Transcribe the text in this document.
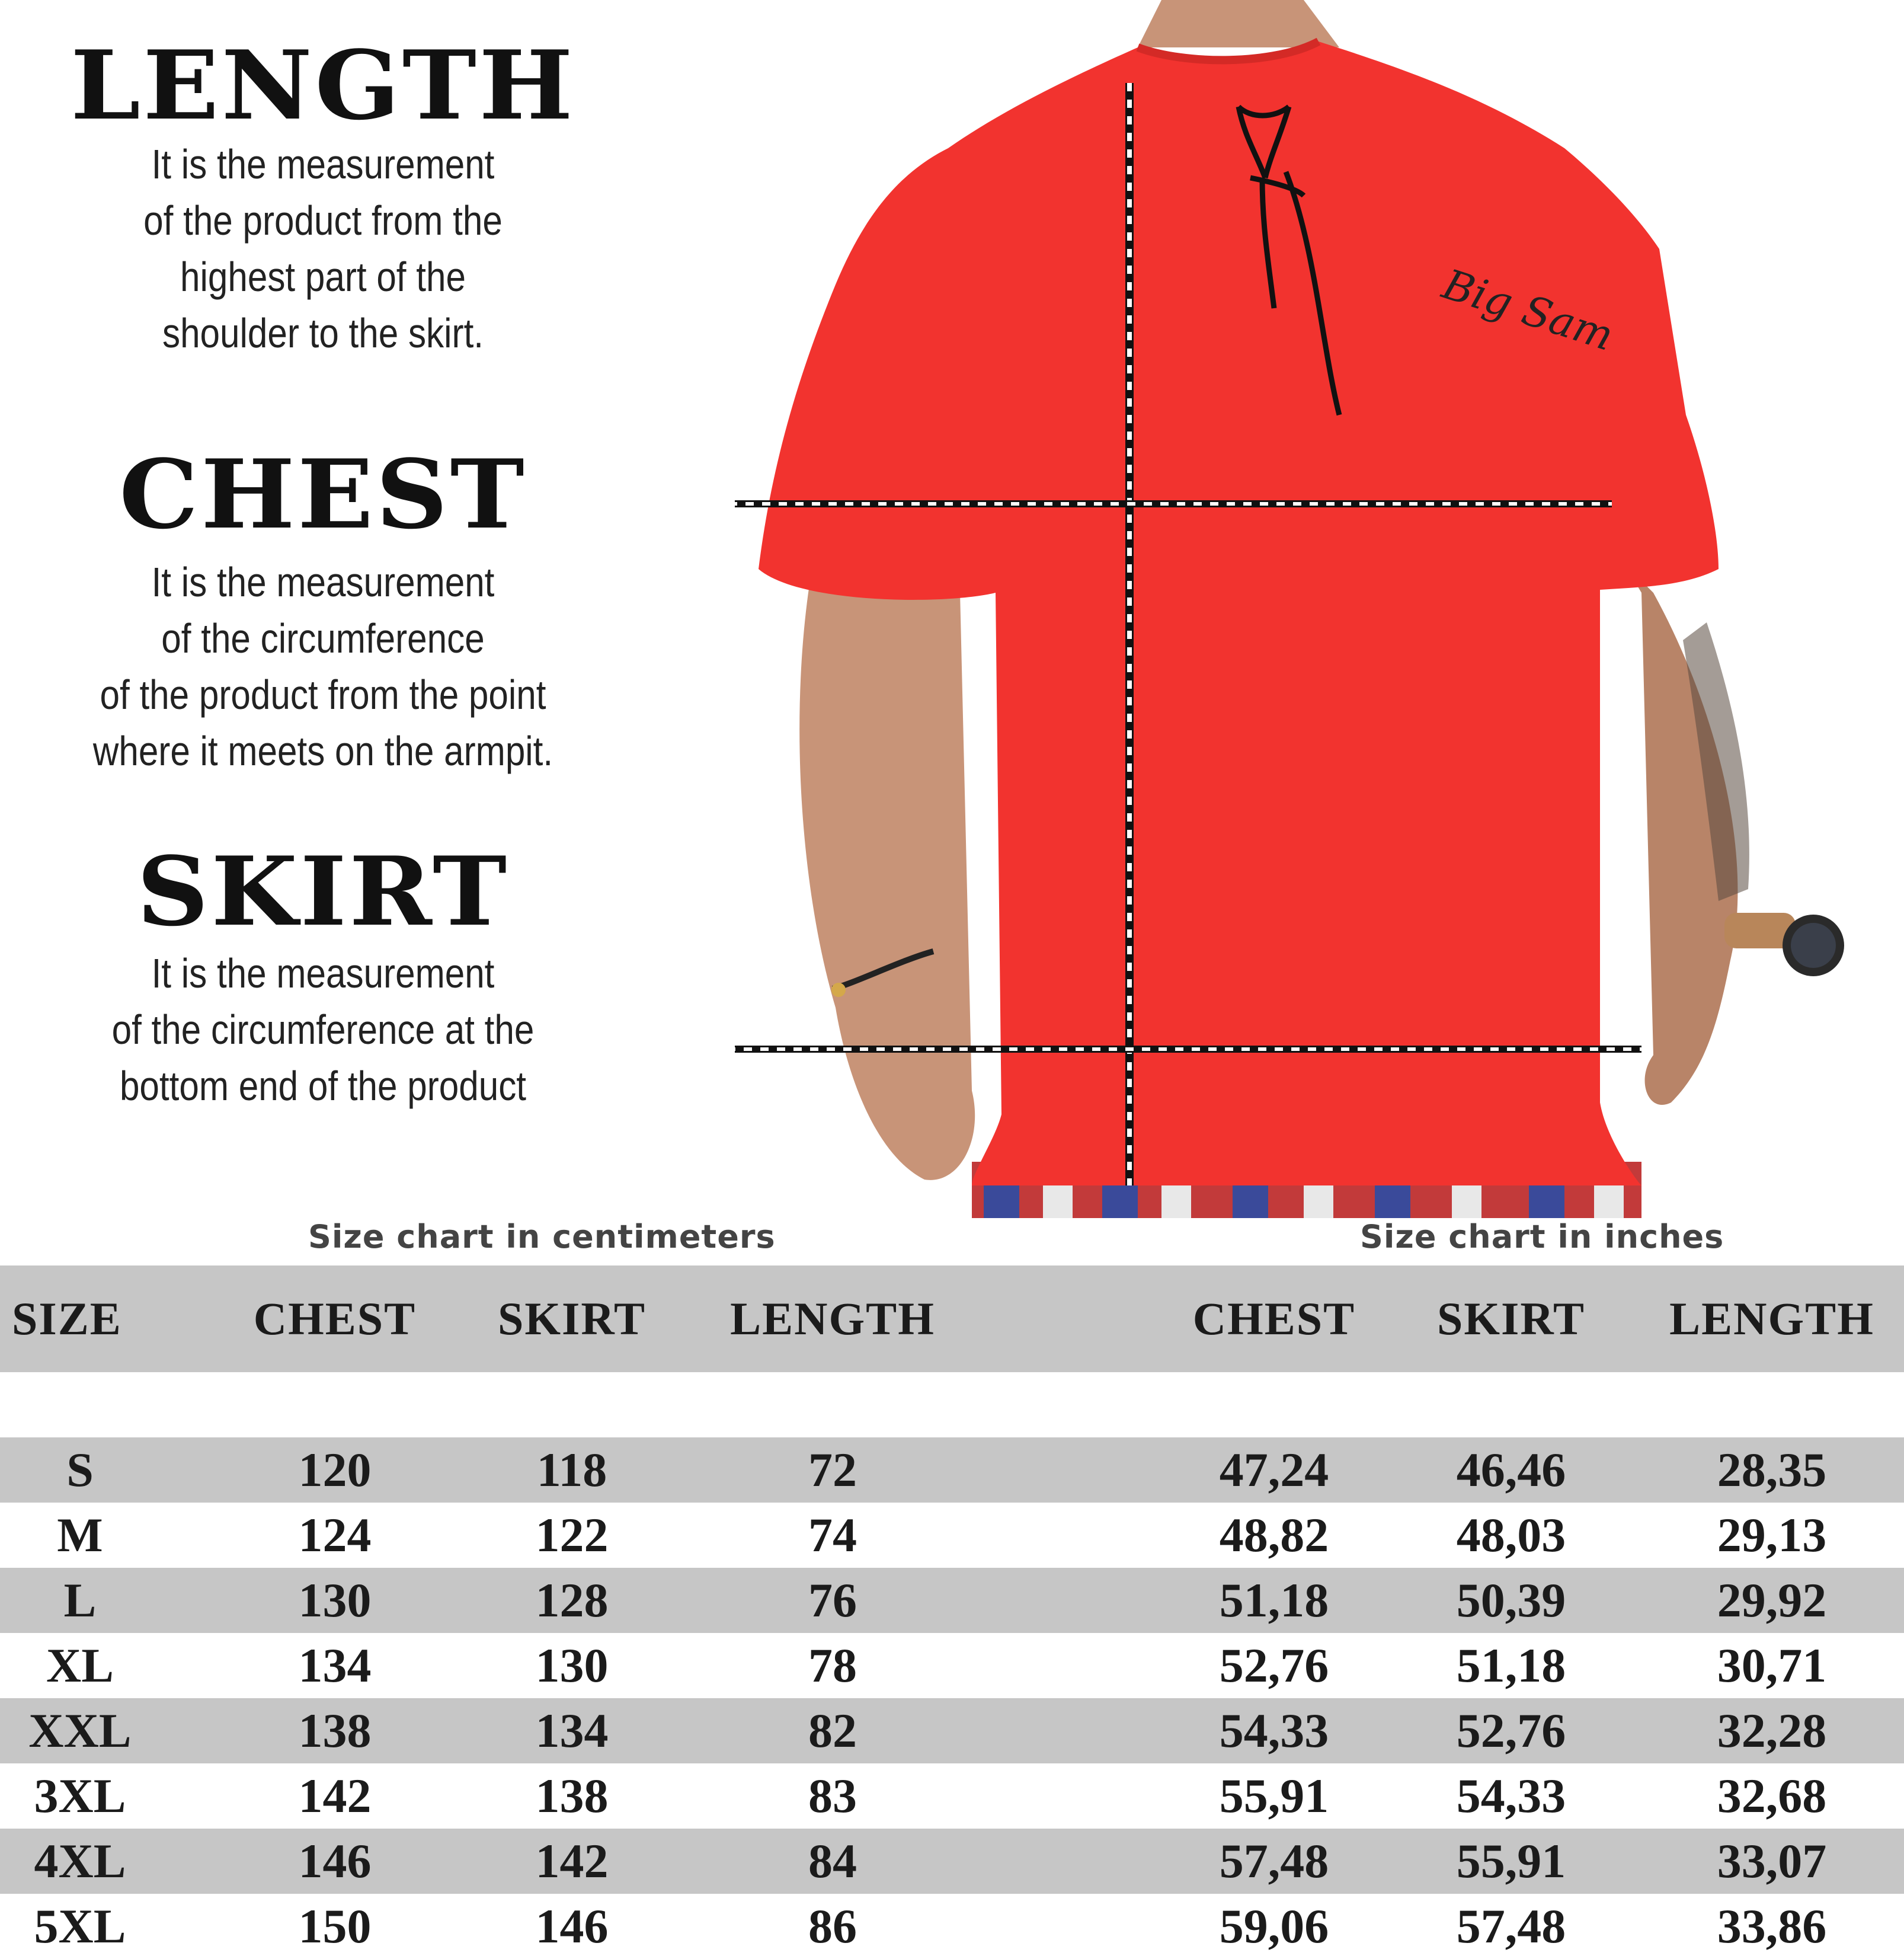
LENGTH
It is the measurement
of the product from the
highest part of the
shoulder to the skirt.
CHEST
It is the measurement
of the circumference
of the product from the point
where it meets on the armpit.
SKIRT
It is the measurement
of the circumference at the
bottom end of the product
Big Sam
Size chart in centimeters	Size chart in inches
SIZE	CHEST	SKIRT	LENGTH	CHEST	SKIRT	LENGTH
S	120	118	72	47,24	46,46	28,35
M	124	122	74	48,82	48,03	29,13
L	130	128	76	51,18	50,39	29,92
XL	134	130	78	52,76	51,18	30,71
XXL	138	134	82	54,33	52,76	32,28
3XL	142	138	83	55,91	54,33	32,68
4XL	146	142	84	57,48	55,91	33,07
5XL	150	146	86	59,06	57,48	33,86
